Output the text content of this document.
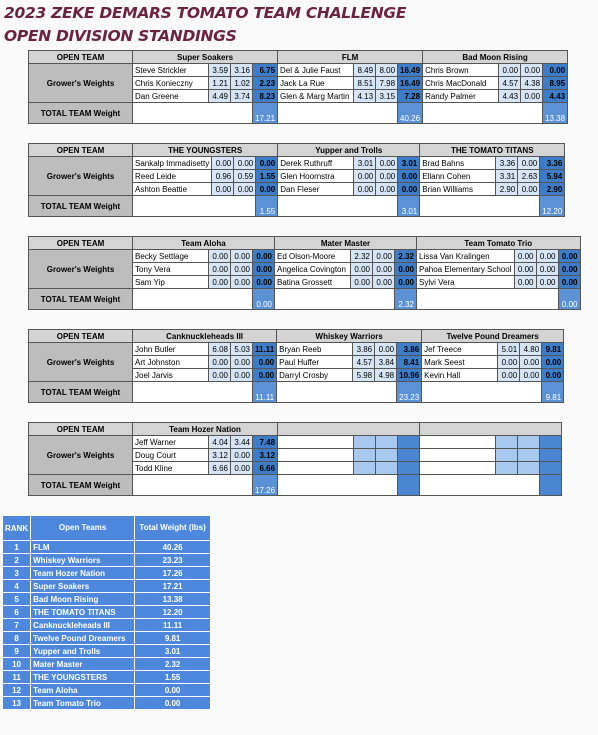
2023 ZEKE DEMARS TOMATO TEAM CHALLENGE
OPEN DIVISION STANDINGS
OPEN TEAM	Super Soakers				FLM				Bad Moon Rising			
Grower's Weights	Steve Strickler	3.59	3.16	6.75	Del & Julie Faust	8.49	8.00	16.49	Chris Brown	0.00	0.00	0.00
	Chris Konieczny	1.21	1.02	2.23	Jack La Rue	8.51	7.98	16.49	Chris MacDonald	4.57	4.38	8.95
	Dan Greene	4.49	3.74	8.23	Glen & Marg Martin	4.13	3.15	7.28	Randy Palmer	4.43	0.00	4.43
TOTAL TEAM Weight				17.21				40.26				13.38
OPEN TEAM	THE YOUNGSTERS				Yupper and Trolls				THE TOMATO TITANS			
Grower's Weights	Sankalp Immadisetty	0.00	0.00	0.00	Derek Ruthruff	3.01	0.00	3.01	Brad Bahns	3.36	0.00	3.36
	Reed Leide	0.96	0.59	1.55	Glen Hoornstra	0.00	0.00	0.00	Ellann Cohen	3.31	2.63	5.94
	Ashton Beattie	0.00	0.00	0.00	Dan Fleser	0.00	0.00	0.00	Brian Williams	2.90	0.00	2.90
TOTAL TEAM Weight				1.55				3.01				12.20
OPEN TEAM	Team Aloha				Mater Master				Team Tomato Trio			
Grower's Weights	Becky Settlage	0.00	0.00	0.00	Ed Olson-Moore	2.32	0.00	2.32	Lissa Van Kralingen	0.00	0.00	0.00
	Tony Vera	0.00	0.00	0.00	Angelica Covington	0.00	0.00	0.00	Pahoa Elementary School	0.00	0.00	0.00
	Sam Yip	0.00	0.00	0.00	Batina Grossett	0.00	0.00	0.00	Sylvi Vera	0.00	0.00	0.00
TOTAL TEAM Weight				0.00				2.32				0.00
OPEN TEAM	Canknuckleheads III				Whiskey Warriors				Twelve Pound Dreamers			
Grower's Weights	John Butler	6.08	5.03	11.11	Bryan Reeb	3.86	0.00	3.86	Jef Treece	5.01	4.80	9.81
	Art Johnston	0.00	0.00	0.00	Paul Huffer	4.57	3.84	8.41	Mark Seest	0.00	0.00	0.00
	Joel Jarvis	0.00	0.00	0.00	Darryl Crosby	5.98	4.98	10.96	Kevin Hall	0.00	0.00	0.00
TOTAL TEAM Weight				11.11				23.23				9.81
OPEN TEAM	Team Hozer Nation											
Grower's Weights	Jeff Warner	4.04	3.44	7.48								
	Doug Court	3.12	0.00	3.12								
	Todd Kline	6.66	0.00	6.66								
TOTAL TEAM Weight				17.26								
RANK	Open Teams	Total Weight (lbs)
1	FLM	40.26
2	Whiskey Warriors	23.23
3	Team Hozer Nation	17.26
4	Super Soakers	17.21
5	Bad Moon Rising	13.38
6	THE TOMATO TITANS	12.20
7	Canknuckleheads III	11.11
8	Twelve Pound Dreamers	9.81
9	Yupper and Trolls	3.01
10	Mater Master	2.32
11	THE YOUNGSTERS	1.55
12	Team Aloha	0.00
13	Team Tomato Trio	0.00
